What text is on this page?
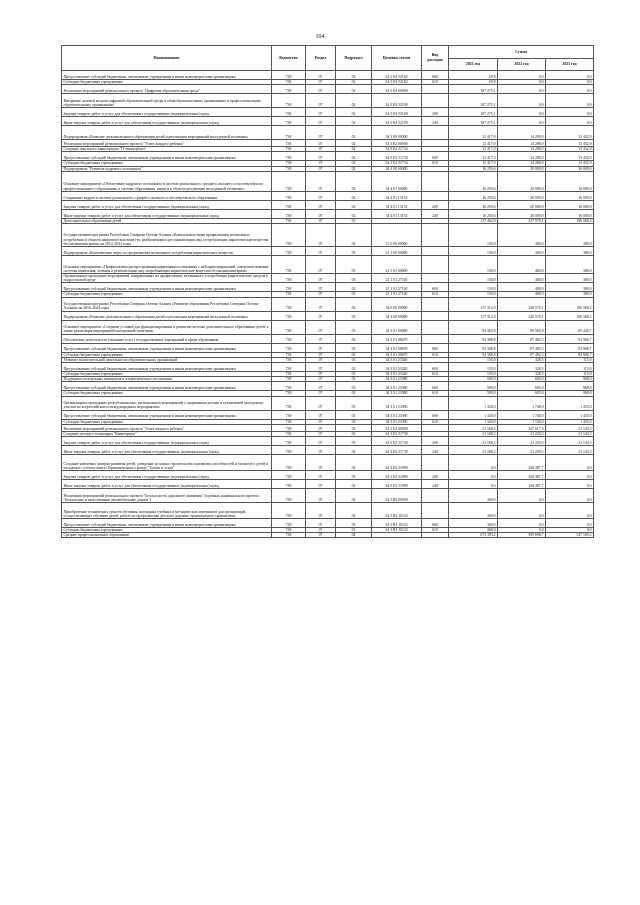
104
Наименование	Ведомство	Раздел	Подраздел	Целевая статья	Вид расходов	Сумма		
						2021 год	2022 год	2023 год
Предоставление субсидий бюджетным, автономным учреждениям и иным некоммерческим организациям	738	07	02	34 2 E4 52102	600	29,8	0,0	0,0
Субсидии бюджетным учреждениям	738	07	02	34 2 E4 52102	610	29,8	0,0	0,0
Реализация мероприятий регионального проекта "Цифровая образовательная среда"	738	07	02	34 2 E4 00000		107 275,1	0,0	0,0
Внедрение целевой модели цифровой образовательной среды в общеобразовательных организациях и профессиональных образовательных организациях	738	07	02	34 2 E4 52100		107 275,1	0,0	0,0
Закупка товаров, работ и услуг для обеспечения государственных (муниципальных) нужд	738	07	02	34 2 E4 52100	200	107 275,1	0,0	0,0
Иные закупки товаров, работ и услуг для обеспечения государственных (муниципальных) нужд	738	07	02	34 2 E4 52100	240	107 275,1	0,0	0,0
Подпрограмма «Развитие дополнительного образования детей и реализация мероприятий молодежной политики»	738	07	02	34 3 00 00000		12 417,0	14 288,0	13 432,9
Реализация мероприятий регионального проекта "Успех каждого ребенка"	738	07	02	34 3 E2 00000		12 417,0	14 288,0	13 432,9
Создание школьного кванториума "IT-кванториум"	738	07	02	34 3 E2 51734		12 417,0	14 288,0	13 432,9
Предоставление субсидий бюджетным, автономным учреждениям и иным некоммерческим организациям	738	07	02	34 3 E2 51734	600	12 417,0	14 288,0	13 432,9
Субсидии бюджетным учреждениям	738	07	02	34 3 E2 51734	610	12 417,0	14 288,0	13 432,9
Подпрограмма "Развитие кадрового потенциала"	738	07	02	34 4 00 00000		16 250,6	20 000,0	16 000,0
Основное мероприятие «Обеспечение кадрового потенциала в системе дошкольного, среднего, высшего и послевузовского профессионального образования, в системе образования, науки и в области реализации молодежной политики»	738	07	02	34 4 01 00000		16 250,6	20 000,0	16 000,0
Сохранение кадров в системе дошкольного, среднего, высшего и послевузовского образования	738	07	02	34 4 01 13133		16 250,6	20 000,0	16 000,0
Закупка товаров, работ и услуг для обеспечения государственных (муниципальных) нужд	738	07	02	34 4 01 13133	200	16 250,6	20 000,0	16 000,0
Иные закупки товаров, работ и услуг для обеспечения государственных (муниципальных) нужд	738	07	02	34 4 01 13133	240	16 250,6	20 000,0	16 000,0
Дополнительное образование детей	738	07	03			117 462,0	227 570,1	106 568,2
Государственная программа Республики Северная Осетия-Алания «Комплексные меры профилактики незаконного потребления и оборота наркотических веществ, реабилитации и ресоциализации лиц, потребляющих наркотические вещества без назначения врача» на 2014–2021 годы	738	07	03	21 0 00 00000		150,0	400,0	380,0
Подпрограмма «Комплексные меры по профилактике незаконного потребления наркотических веществ»	738	07	03	21 1 00 00000		150,0	400,0	380,0
Основное мероприятие «Профилактика распространения наркомании и связанных с ней правонарушений, совершенствование системы выявления, лечения и реабилитации лиц, потребляющих наркотические вещества без назначения врача»	738	07	03	21 1 01 00000		150,0	400,0	380,0
Организация и проведение мероприятий, направленных на профилактику незаконного употребления наркотических средств в подростковой среде	738	07	03	21 1 01 27140		150,0	400,0	380,0
Предоставление субсидий бюджетным, автономным учреждениям и иным некоммерческим организациям	738	07	03	21 1 01 27140	600	150,0	400,0	380,0
Субсидии бюджетным учреждениям	738	07	03	21 1 01 27140	610	150,0	400,0	380,0
Государственная программа Республики Северная Осетия-Алания «Развитие образования Республики Северная Осетия-Алания» на 2016–2024 годы	738	07	03	34 0 00 00000		117 312,0	226 570,1	106 568,2
Подпрограмма «Развитие дополнительного образования детей и реализация мероприятий молодежной политики»	738	07	03	34 3 00 00000		117 312,0	226 570,1	106 568,2
Основное мероприятие «Создание условий для функционирования и развития системы дополнительного образования детей, а также реализация мероприятий молодежной политики»	738	07	03	34 3 01 00000		94 463,8	89 565,8	85 426,7
Обеспечение деятельности (оказание услуг) государственных учреждений в сфере образования	738	07	03	34 3 01 00670		94 308,8	87 492,3	83 906,7
Предоставление субсидий бюджетным, автономным учреждениям и иным некоммерческим организациям	738	07	03	34 3 01 00670	600	94 308,8	87 492,3	83 906,7
Субсидии бюджетным учреждениям	738	07	03	34 3 01 00670	610	94 308,8	87 492,3	83 906,7
Развитие воспитательной деятельности образовательных организаций	738	07	03	34 3 01 23320		155,0	328,5	115,0
Предоставление субсидий бюджетным, автономным учреждениям и иным некоммерческим организациям	738	07	03	34 3 01 23320	600	155,0	328,5	115,0
Субсидии бюджетным учреждениям	738	07	03	34 3 01 23320	610	155,0	328,5	115,0
Поддержка молодежных инициатив и патриотического воспитания	738	07	03	34 3 01 23380		500,0	605,0	968,0
Предоставление субсидий бюджетным, автономным учреждениям и иным некоммерческим организациям	738	07	03	34 3 01 23380	600	500,0	605,0	968,0
Субсидии бюджетным учреждениям	738	07	03	34 3 01 23380	610	500,0	605,0	968,0
Организация и проведение республиканских, региональных мероприятий с одаренными детьми и талантливой молодежью, участие во всероссийских и международных мероприятиях	738	07	03	34 3 01 23390		1 320,0	1 740,0	1 455,0
Предоставление субсидий бюджетным, автономным учреждениям и иным некоммерческим организациям	738	07	03	34 3 01 23390	600	1 320,0	1 740,0	1 455,0
Субсидии бюджетным учреждениям	738	07	03	34 3 01 23390	610	1 320,0	1 740,0	1 455,0
Реализация мероприятий регионального проекта "Успех каждого ребенка"	738	07	03	34 3 E2 00000		21 168,2	247 617,0	21 143,5
Создание детского технопарка "Кванториум"	738	07	03	34 3 E2 51730		21 168,2	21 229,3	21 143,5
Закупка товаров, работ и услуг для обеспечения государственных (муниципальных) нужд	738	07	03	34 3 E2 51730	200	21 168,2	21 229,3	21 143,5
Иные закупки товаров, работ и услуг для обеспечения государственных (муниципальных) нужд	738	07	03	34 3 E2 51730	240	21 168,2	21 229,3	21 143,5
Создание ключевых центров развития детей, доведение до конца строительства и развития способностей и талантов у детей и молодежи с учетом опыта Образовательного фонда "Талант и успех"	738	07	03	34 3 E2 51890		0,0	226 387,7	0,0
Закупка товаров, работ и услуг для обеспечения государственных (муниципальных) нужд	738	07	03	34 3 E2 51890	200	0,0	226 387,7	0,0
Иные закупки товаров, работ и услуг для обеспечения государственных (муниципальных) нужд	738	07	03	34 3 E2 51890	240	0,0	226 387,7	0,0
Реализация мероприятий регионального проекта "Безопасность дорожного движения" (в рамках национального проекта "Безопасные и качественные автомобильные дороги")	738	07	03	34 3 R3 00000		360,0	0,0	0,0
Приобретение технических средств обучения, наглядных учебных и методических материалов для организаций, осуществляющих обучение детей, работе по профилактике детского дорожно-транспортного травматизма	738	07	03	34 3 R3 10132		360,0	0,0	0,0
Предоставление субсидий бюджетным, автономным учреждениям и иным некоммерческим организациям	738	07	03	34 3 R3 10132	600	360,0	0,0	0,0
Субсидии бюджетным учреждениям	738	07	03	34 3 R3 10132	610	360,0	0,0	0,0
Среднее профессиональное образование	738	07	04			673 393,2	595 698,7	547 169,2
